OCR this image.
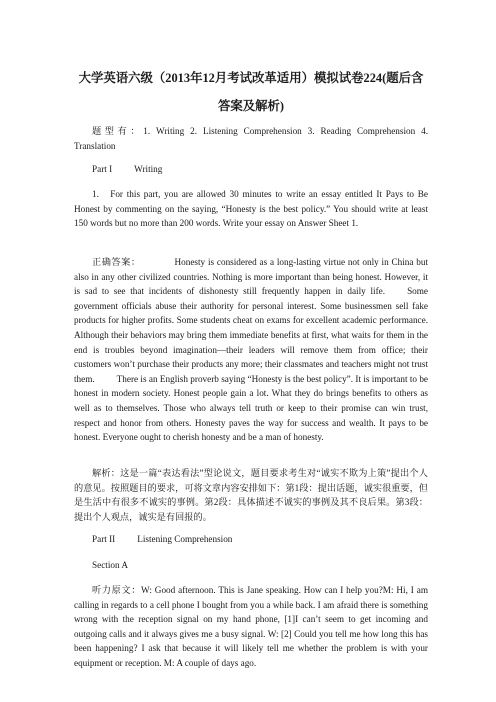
大学英语六级（2013年12月考试改革适用）模拟试卷224(题后含答案及解析)
题型有：1. Writing 2. Listening Comprehension 3. Reading Comprehension 4. Translation
Part I Writing
1. For this part, you are allowed 30 minutes to write an essay entitled It Pays to Be Honest by commenting on the saying, “Honesty is the best policy.” You should write at least 150 words but no more than 200 words. Write your essay on Answer Sheet 1.
正确答案：	Honesty is considered as a long-lasting virtue not only in China but also in any other civilized countries. Nothing is more important than being honest. However, it is sad to see that incidents of dishonesty still frequently happen in daily life. Some government officials abuse their authority for personal interest. Some businessmen sell fake products for higher profits. Some students cheat on exams for excellent academic performance. Although their behaviors may bring them immediate benefits at first, what waits for them in the end is troubles beyond imagination—their leaders will remove them from office; their customers won’t purchase their products any more; their classmates and teachers might not trust them. There is an English proverb saying “Honesty is the best policy”. It is important to be honest in modern society. Honest people gain a lot. What they do brings benefits to others as well as to themselves. Those who always tell truth or keep to their promise can win trust, respect and honor from others. Honesty paves the way for success and wealth. It pays to be honest. Everyone ought to cherish honesty and be a man of honesty.
解析：这是一篇“表达看法”型论说文，题目要求考生对“诚实不欺为上策”提出个人的意见。按照题目的要求，可将文章内容安排如下：第1段：提出话题，诚实很重要，但是生活中有很多不诚实的事例。第2段：具体描述不诚实的事例及其不良后果。第3段：提出个人观点，诚实是有回报的。
Part II Listening Comprehension
Section A
听力原文：W: Good afternoon. This is Jane speaking. How can I help you?M: Hi, I am calling in regards to a cell phone I bought from you a while back. I am afraid there is something wrong with the reception signal on my hand phone, [1]I can’t seem to get incoming and outgoing calls and it always gives me a busy signal. W: [2] Could you tell me how long this has been happening? I ask that because it will likely tell me whether the problem is with your equipment or reception. M: A couple of days ago.
